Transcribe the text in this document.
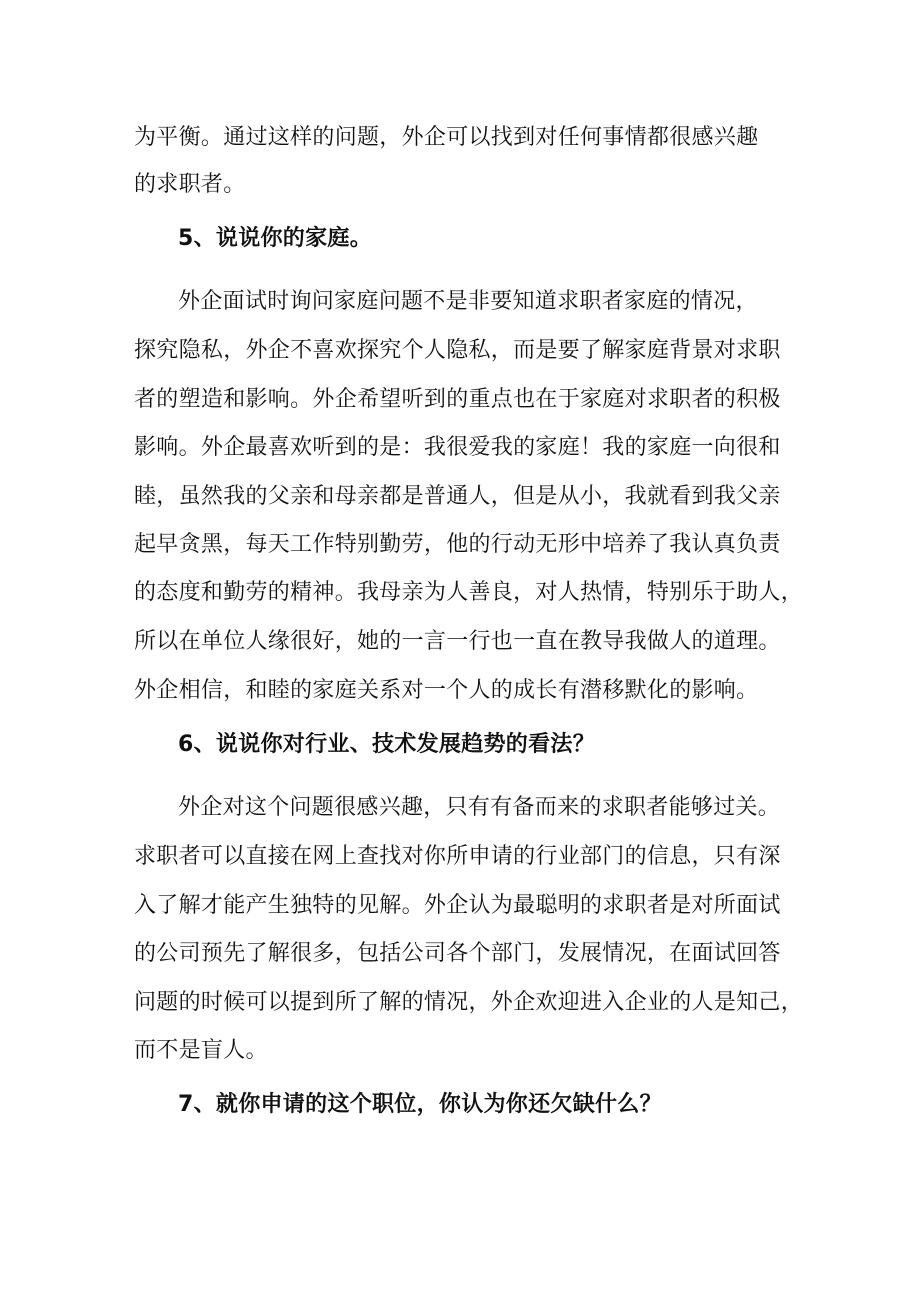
为平衡。通过这样的问题，外企可以找到对任何事情都很感兴趣
的求职者。
5、说说你的家庭。
外企面试时询问家庭问题不是非要知道求职者家庭的情况，
探究隐私，外企不喜欢探究个人隐私，而是要了解家庭背景对求职
者的塑造和影响。外企希望听到的重点也在于家庭对求职者的积极
影响。外企最喜欢听到的是：我很爱我的家庭！我的家庭一向很和
睦，虽然我的父亲和母亲都是普通人，但是从小，我就看到我父亲
起早贪黑，每天工作特别勤劳，他的行动无形中培养了我认真负责
的态度和勤劳的精神。我母亲为人善良，对人热情，特别乐于助人，
所以在单位人缘很好，她的一言一行也一直在教导我做人的道理。
外企相信，和睦的家庭关系对一个人的成长有潜移默化的影响。
6、说说你对行业、技术发展趋势的看法？
外企对这个问题很感兴趣，只有有备而来的求职者能够过关。
求职者可以直接在网上查找对你所申请的行业部门的信息，只有深
入了解才能产生独特的见解。外企认为最聪明的求职者是对所面试
的公司预先了解很多，包括公司各个部门，发展情况，在面试回答
问题的时候可以提到所了解的情况，外企欢迎进入企业的人是知己，
而不是盲人。
7、就你申请的这个职位，你认为你还欠缺什么？
